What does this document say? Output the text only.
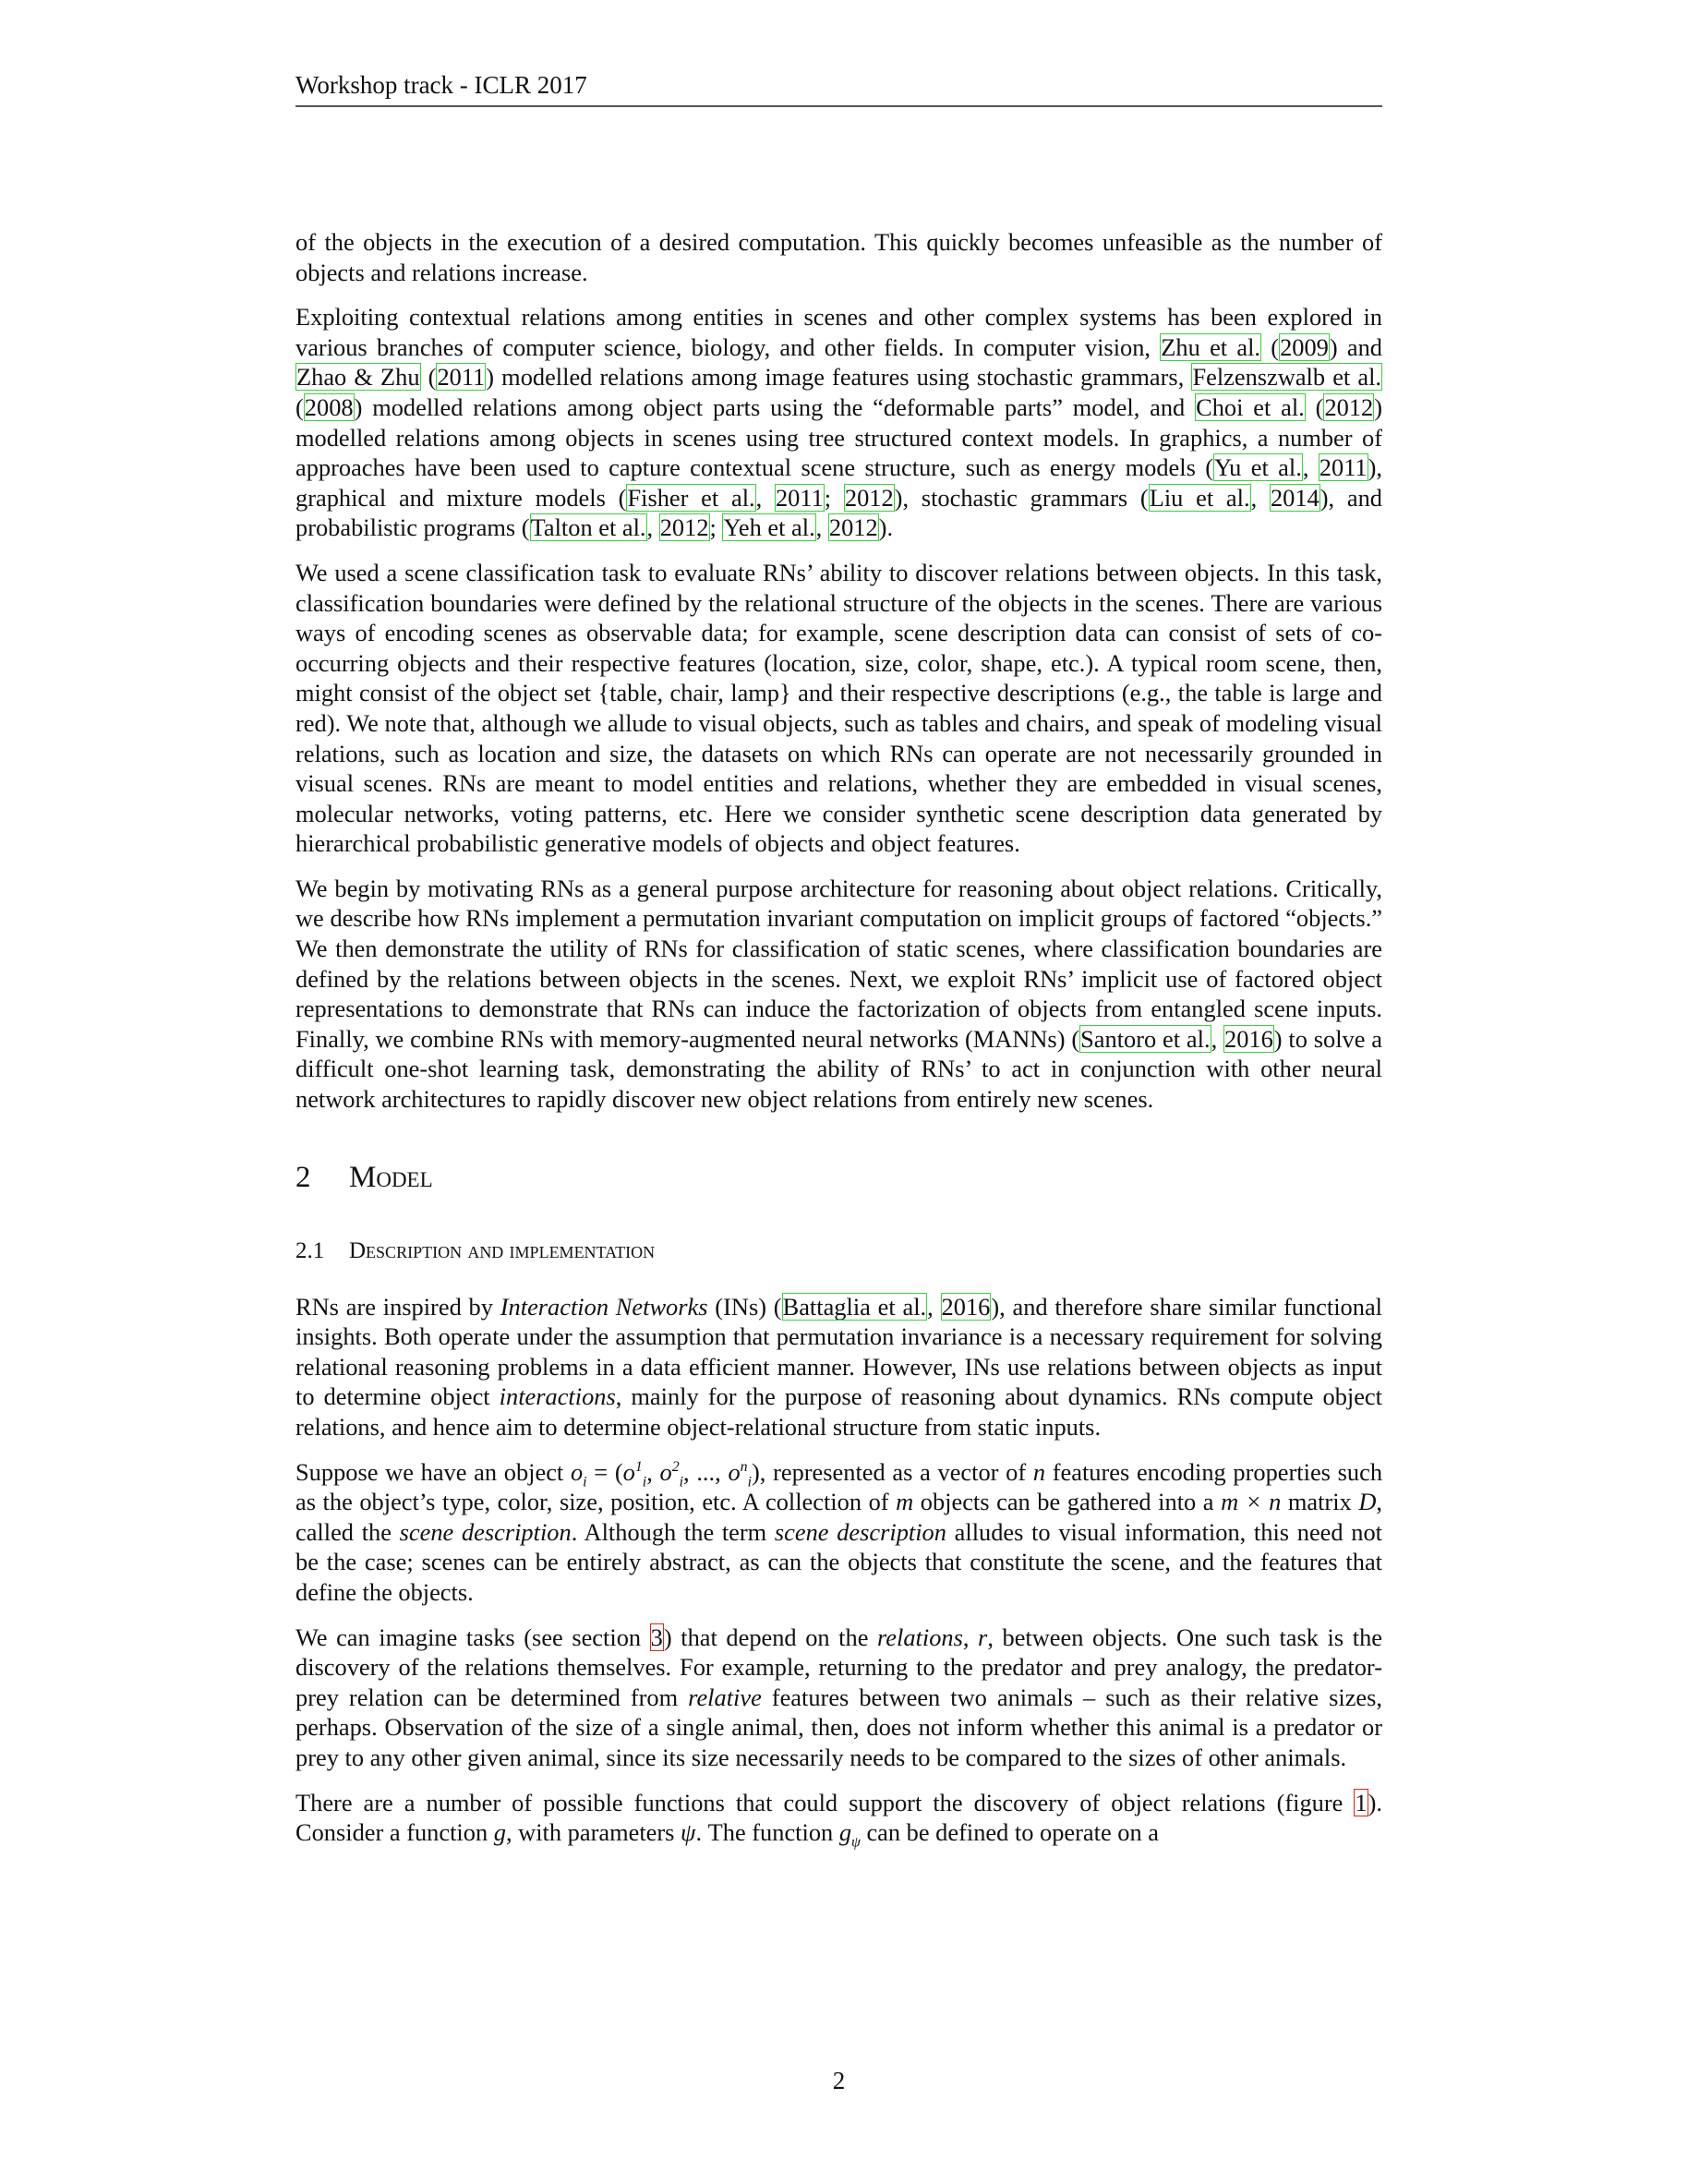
Workshop track - ICLR 2017

of the objects in the execution of a desired computation. This quickly becomes unfeasible as the number of objects and relations increase.

Exploiting contextual relations among entities in scenes and other complex systems has been explored in various branches of computer science, biology, and other fields. In computer vision, Zhu et al. (2009) and Zhao & Zhu (2011) modelled relations among image features using stochastic grammars, Felzenszwalb et al. (2008) modelled relations among object parts using the “deformable parts” model, and Choi et al. (2012) modelled relations among objects in scenes using tree structured context models. In graphics, a number of approaches have been used to capture contextual scene structure, such as energy models (Yu et al., 2011), graphical and mixture models (Fisher et al., 2011; 2012), stochastic grammars (Liu et al., 2014), and probabilistic programs (Talton et al., 2012; Yeh et al., 2012).

We used a scene classification task to evaluate RNs’ ability to discover relations between objects. In this task, classification boundaries were defined by the relational structure of the objects in the scenes. There are various ways of encoding scenes as observable data; for example, scene description data can consist of sets of co-occurring objects and their respective features (location, size, color, shape, etc.). A typical room scene, then, might consist of the object set {table, chair, lamp} and their respective descriptions (e.g., the table is large and red). We note that, although we allude to visual objects, such as tables and chairs, and speak of modeling visual relations, such as location and size, the datasets on which RNs can operate are not necessarily grounded in visual scenes. RNs are meant to model entities and relations, whether they are embedded in visual scenes, molecular networks, voting patterns, etc. Here we consider synthetic scene description data generated by hierarchical probabilistic generative models of objects and object features.

We begin by motivating RNs as a general purpose architecture for reasoning about object relations. Critically, we describe how RNs implement a permutation invariant computation on implicit groups of factored “objects.” We then demonstrate the utility of RNs for classification of static scenes, where classification boundaries are defined by the relations between objects in the scenes. Next, we exploit RNs’ implicit use of factored object representations to demonstrate that RNs can induce the factorization of objects from entangled scene inputs. Finally, we combine RNs with memory-augmented neural networks (MANNs) (Santoro et al., 2016) to solve a difficult one-shot learning task, demonstrating the ability of RNs’ to act in conjunction with other neural network architectures to rapidly discover new object relations from entirely new scenes.

2 Model
2.1 Description and implementation

RNs are inspired by Interaction Networks (INs) (Battaglia et al., 2016), and therefore share similar functional insights. Both operate under the assumption that permutation invariance is a necessary requirement for solving relational reasoning problems in a data efficient manner. However, INs use relations between objects as input to determine object interactions, mainly for the purpose of reasoning about dynamics. RNs compute object relations, and hence aim to determine object-relational structure from static inputs.

Suppose we have an object $o_i = (o^1_i$, $o^2_i$, ..., $o^n_i$), represented as a vector of n features encoding properties such as the object’s type, color, size, position, etc. A collection of m objects can be gathered into a m × n matrix D, called the scene description. Although the term scene description alludes to visual information, this need not be the case; scenes can be entirely abstract, as can the objects that constitute the scene, and the features that define the objects.

We can imagine tasks (see section 3) that depend on the relations, r, between objects. One such task is the discovery of the relations themselves. For example, returning to the predator and prey analogy, the predator-prey relation can be determined from relative features between two animals – such as their relative sizes, perhaps. Observation of the size of a single animal, then, does not inform whether this animal is a predator or prey to any other given animal, since its size necessarily needs to be compared to the sizes of other animals.

There are a number of possible functions that could support the discovery of object relations (figure 1). Consider a function g, with parameters ψ. The function $g_\psi$ can be defined to operate on a

2
